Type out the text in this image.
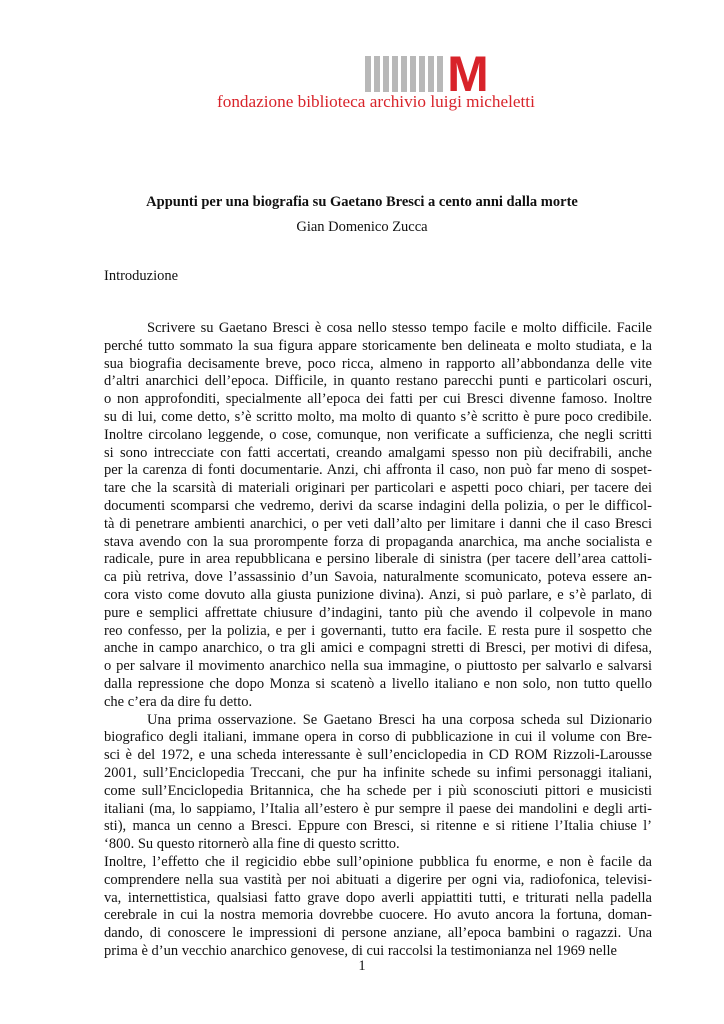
M
fondazione biblioteca archivio luigi micheletti
Appunti per una biografia su Gaetano Bresci a cento anni dalla morte
Gian Domenico Zucca
Introduzione
Scrivere su Gaetano Bresci è cosa nello stesso tempo facile e molto difficile. Facile
perché tutto sommato la sua figura appare storicamente ben delineata e molto studiata, e la
sua biografia decisamente breve, poco ricca, almeno in rapporto all’abbondanza delle vite
d’altri anarchici dell’epoca. Difficile, in quanto restano parecchi punti e particolari oscuri,
o non approfonditi, specialmente all’epoca dei fatti per cui Bresci divenne famoso. Inoltre
su di lui, come detto, s’è scritto molto, ma molto di quanto s’è scritto è pure poco credibile.
Inoltre circolano leggende, o cose, comunque, non verificate a sufficienza, che negli scritti
si sono intrecciate con fatti accertati, creando amalgami spesso non più decifrabili, anche
per la carenza di fonti documentarie. Anzi, chi affronta il caso, non può far meno di sospet-
tare che la scarsità di materiali originari per particolari e aspetti poco chiari, per tacere dei
documenti scomparsi che vedremo, derivi da scarse indagini della polizia, o per le difficol-
tà di penetrare ambienti anarchici, o per veti dall’alto per limitare i danni che il caso Bresci
stava avendo con la sua prorompente forza di propaganda anarchica, ma anche socialista e
radicale, pure in area repubblicana e persino liberale di sinistra (per tacere dell’area cattoli-
ca più retriva, dove l’assassinio d’un Savoia, naturalmente scomunicato, poteva essere an-
cora visto come dovuto alla giusta punizione divina). Anzi, si può parlare, e s’è parlato, di
pure e semplici affrettate chiusure d’indagini, tanto più che avendo il colpevole in mano
reo confesso, per la polizia, e per i governanti, tutto era facile. E resta pure il sospetto che
anche in campo anarchico, o tra gli amici e compagni stretti di Bresci, per motivi di difesa,
o per salvare il movimento anarchico nella sua immagine, o piuttosto per salvarlo e salvarsi
dalla repressione che dopo Monza si scatenò a livello italiano e non solo, non tutto quello
che c’era da dire fu detto.
Una prima osservazione. Se Gaetano Bresci ha una corposa scheda sul Dizionario
biografico degli italiani, immane opera in corso di pubblicazione in cui il volume con Bre-
sci è del 1972, e una scheda interessante è sull’enciclopedia in CD ROM Rizzoli-Larousse
2001, sull’Enciclopedia Treccani, che pur ha infinite schede su infimi personaggi italiani,
come sull’Enciclopedia Britannica, che ha schede per i più sconosciuti pittori e musicisti
italiani (ma, lo sappiamo, l’Italia all’estero è pur sempre il paese dei mandolini e degli arti-
sti), manca un cenno a Bresci. Eppure con Bresci, si ritenne e si ritiene l’Italia chiuse l’
‘800. Su questo ritornerò alla fine di questo scritto.
Inoltre, l’effetto che il regicidio ebbe sull’opinione pubblica fu enorme, e non è facile da
comprendere nella sua vastità per noi abituati a digerire per ogni via, radiofonica, televisi-
va, internettistica, qualsiasi fatto grave dopo averli appiattiti tutti, e triturati nella padella
cerebrale in cui la nostra memoria dovrebbe cuocere. Ho avuto ancora la fortuna, doman-
dando, di conoscere le impressioni di persone anziane, all’epoca bambini o ragazzi. Una
prima è d’un vecchio anarchico genovese, di cui raccolsi la testimonianza nel 1969 nelle
1
